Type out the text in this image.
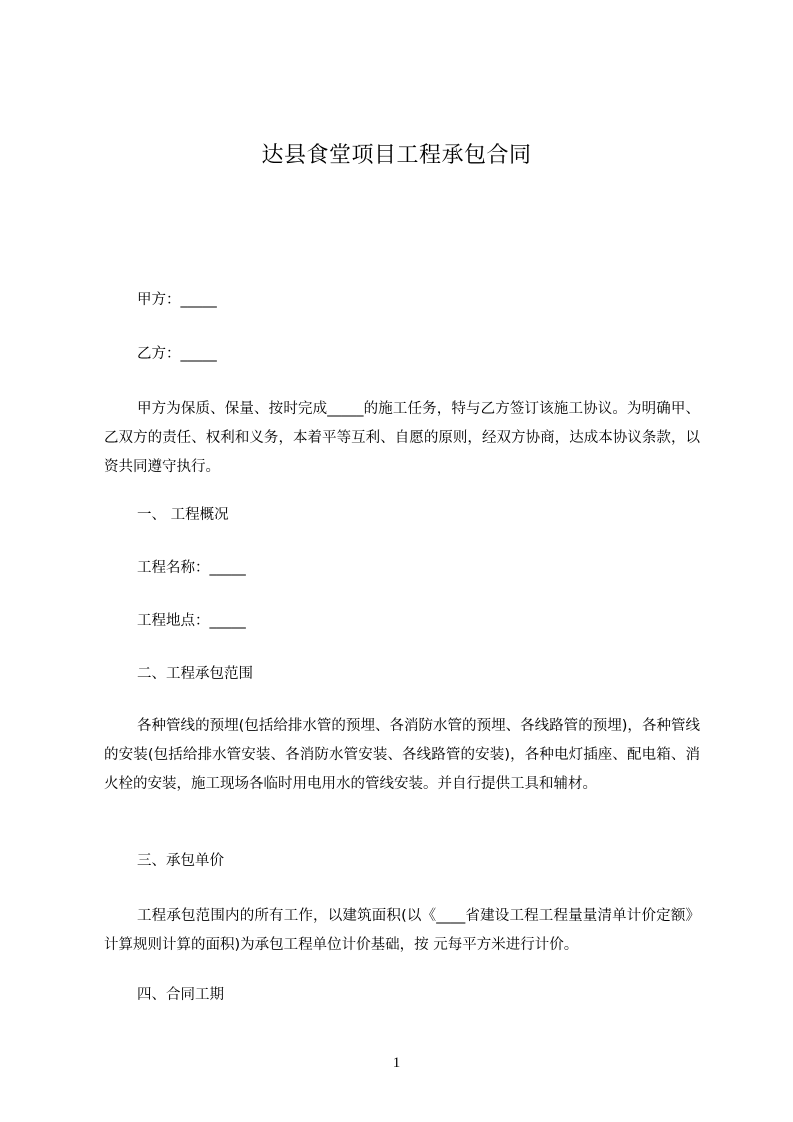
达县食堂项目工程承包合同
甲方：_____
乙方：_____
甲方为保质、保量、按时完成_____的施工任务，特与乙方签订该施工协议。为明确甲、乙双方的责任、权利和义务，本着平等互利、自愿的原则，经双方协商，达成本协议条款，以资共同遵守执行。
一、 工程概况
工程名称：_____
工程地点：_____
二、工程承包范围
各种管线的预埋(包括给排水管的预埋、各消防水管的预埋、各线路管的预埋)，各种管线的安装(包括给排水管安装、各消防水管安装、各线路管的安装)，各种电灯插座、配电箱、消火栓的安装，施工现场各临时用电用水的管线安装。并自行提供工具和辅材。
三、承包单价
工程承包范围内的所有工作，以建筑面积(以《____省建设工程工程量量清单计价定额》计算规则计算的面积)为承包工程单位计价基础，按 元每平方米进行计价。
四、合同工期
1
